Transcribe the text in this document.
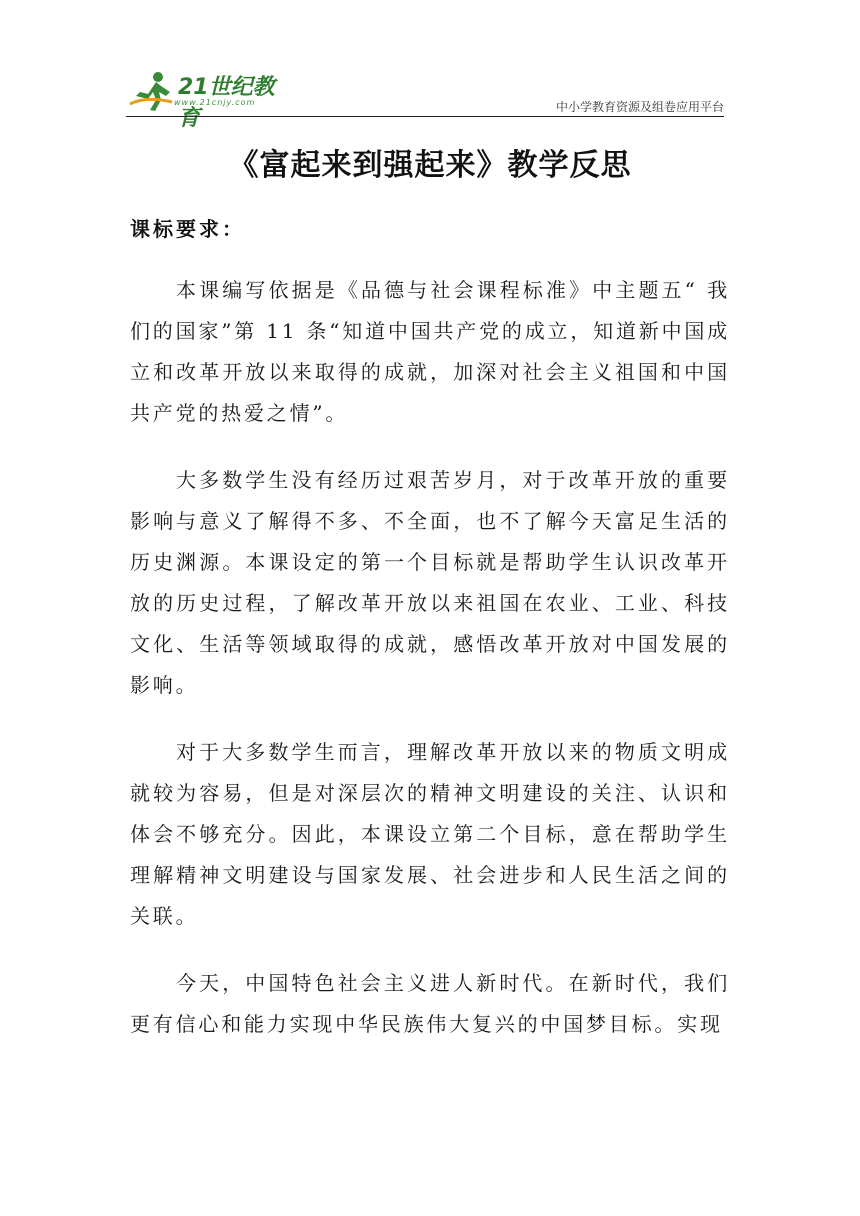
21世纪教育
www.21cnjy.com	中小学教育资源及组卷应用平台
《富起来到强起来》教学反思
课标要求：

本课编写依据是《品德与社会课程标准》中主题五“ 我们的国家”第 11 条“知道中国共产党的成立，知道新中国成立和改革开放以来取得的成就，加深对社会主义祖国和中国共产党的热爱之情”。

大多数学生没有经历过艰苦岁月，对于改革开放的重要影响与意义了解得不多、不全面，也不了解今天富足生活的历史渊源。本课设定的第一个目标就是帮助学生认识改革开放的历史过程，了解改革开放以来祖国在农业、工业、科技文化、生活等领域取得的成就，感悟改革开放对中国发展的影响。

对于大多数学生而言，理解改革开放以来的物质文明成就较为容易，但是对深层次的精神文明建设的关注、认识和体会不够充分。因此，本课设立第二个目标，意在帮助学生理解精神文明建设与国家发展、社会进步和人民生活之间的关联。

今天，中国特色社会主义进人新时代。在新时代，我们更有信心和能力实现中华民族伟大复兴的中国梦目标。实现
